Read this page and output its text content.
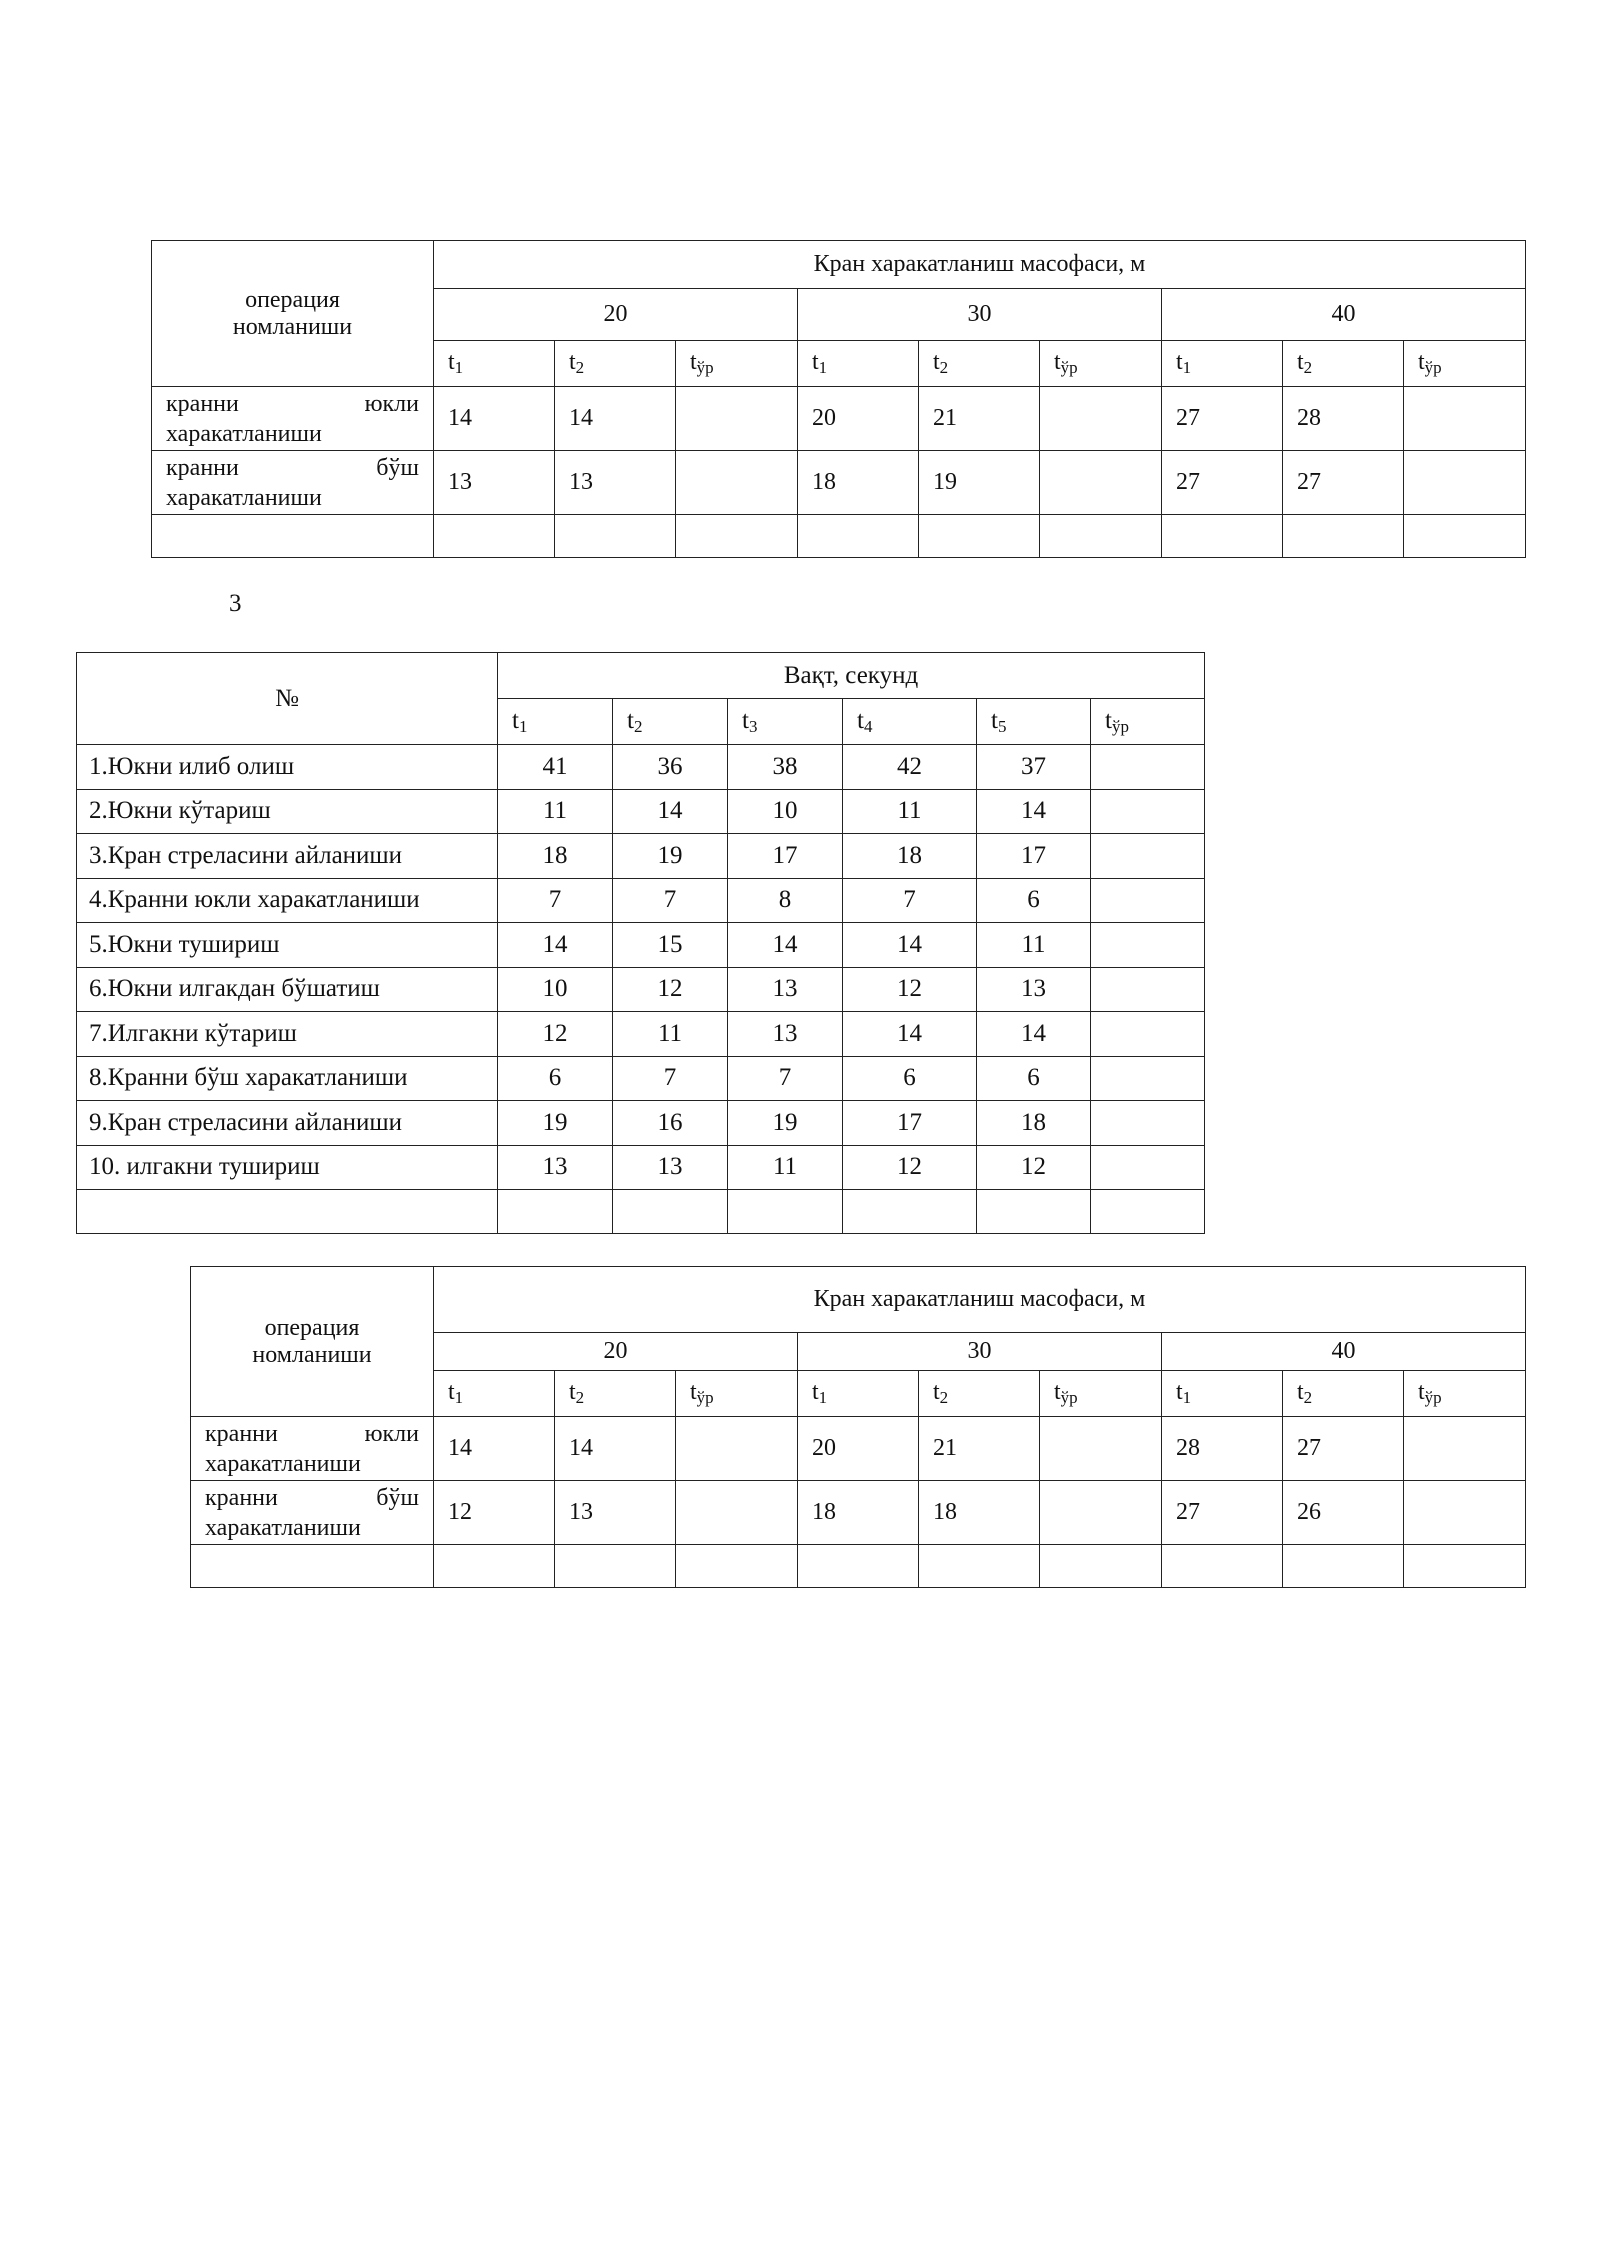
операция
номланиши	Кран харакатланиш масофаси, м								
	20			30			40		
	$t_1$	$t_2$	$t_{ўр}$	$t_1$	$t_2$	$t_{ўр}$	$t_1$	$t_2$	$t_{ўр}$

кранни юкли
харакатланиши	14	14		20	21		27	28	

кранни бўш
харакатланиши	13	13		18	19		27	27	

3
№	Вақт, секунд					
	$t_1$	$t_2$	$t_3$	$t_4$	$t_5$	$t_{ўр}$
1.Юкни илиб олиш	41	36	38	42	37	
2.Юкни кўтариш	11	14	10	11	14	
3.Кран стреласини айланиши	18	19	17	18	17	
4.Кранни юкли харакатланиши	7	7	8	7	6	
5.Юкни тушириш	14	15	14	14	11	
6.Юкни илгакдан бўшатиш	10	12	13	12	13	
7.Илгакни кўтариш	12	11	13	14	14	
8.Кранни бўш харакатланиши	6	7	7	6	6	
9.Кран стреласини айланиши	19	16	19	17	18	
10. илгакни тушириш	13	13	11	12	12	

операция
номланиши	Кран харакатланиш масофаси, м								
	20			30			40		
	$t_1$	$t_2$	$t_{ўр}$	$t_1$	$t_2$	$t_{ўр}$	$t_1$	$t_2$	$t_{ўр}$

кранни юкли
харакатланиши	14	14		20	21		28	27	

кранни бўш
харакатланиши	12	13		18	18		27	26	
